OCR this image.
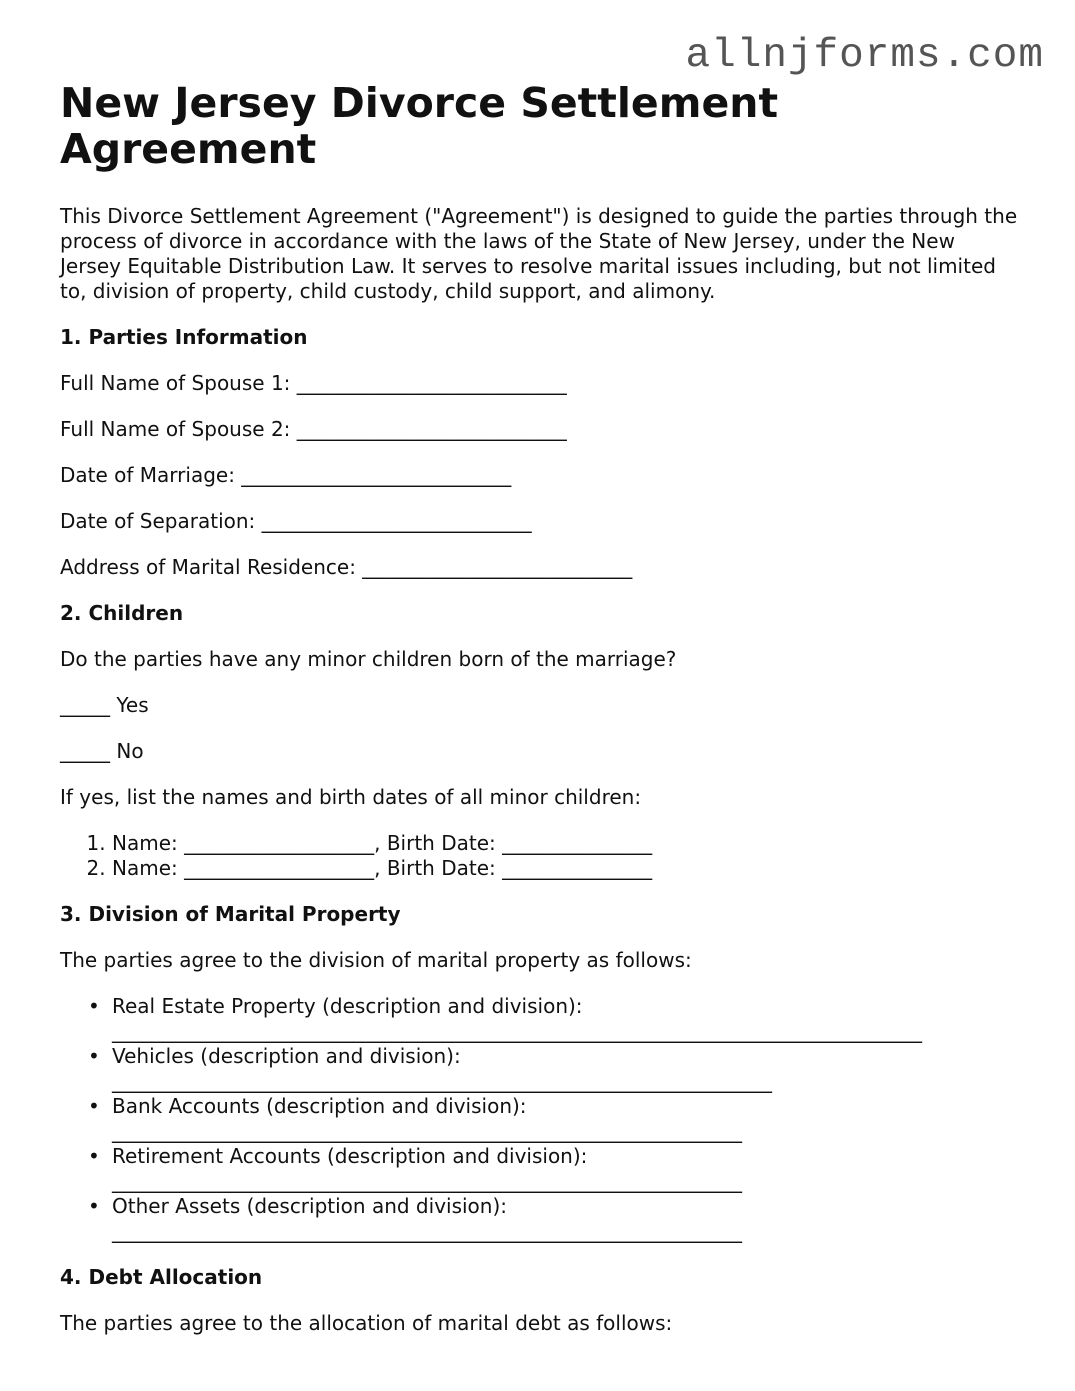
allnjforms.com
New Jersey Divorce Settlement Agreement

This Divorce Settlement Agreement ("Agreement") is designed to guide the parties through the process of divorce in accordance with the laws of the State of New Jersey, under the New Jersey Equitable Distribution Law. It serves to resolve marital issues including, but not limited to, division of property, child custody, child support, and alimony.

1. Parties Information

Full Name of Spouse 1: ___________________________

Full Name of Spouse 2: ___________________________

Date of Marriage: ___________________________

Date of Separation: ___________________________

Address of Marital Residence: ___________________________

2. Children

Do the parties have any minor children born of the marriage?

_____ Yes

_____ No

If yes, list the names and birth dates of all minor children:

1. Name: ___________________, Birth Date: _______________
2. Name: ___________________, Birth Date: _______________

3. Division of Marital Property

The parties agree to the division of marital property as follows:

• Real Estate Property (description and division):
_________________________________________________________________________________
• Vehicles (description and division):
__________________________________________________________________
• Bank Accounts (description and division):
_______________________________________________________________
• Retirement Accounts (description and division):
_______________________________________________________________
• Other Assets (description and division):
_______________________________________________________________

4. Debt Allocation

The parties agree to the allocation of marital debt as follows:
